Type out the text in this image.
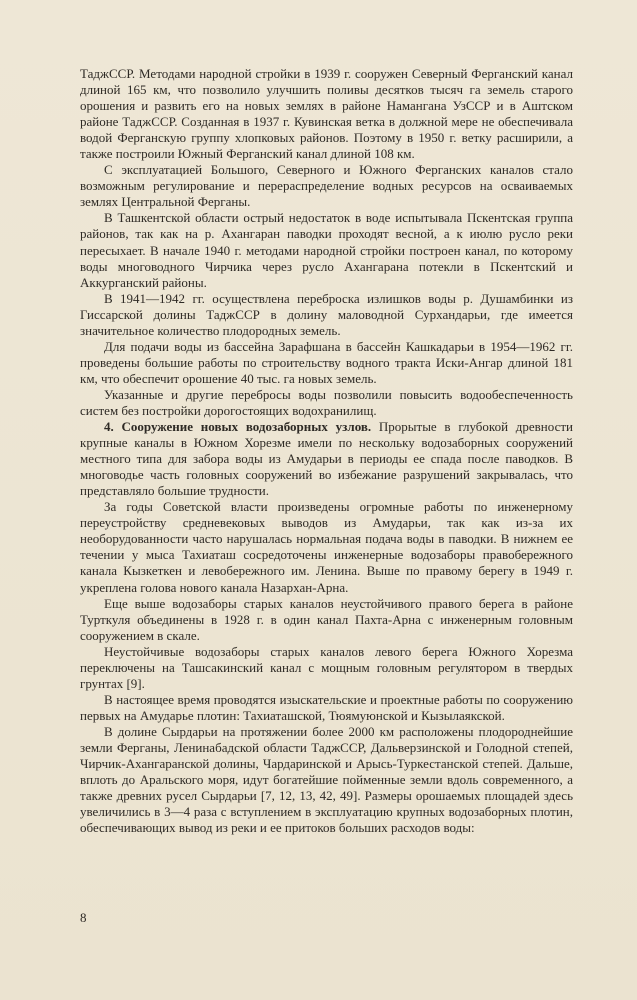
ТаджССР. Методами народной стройки в 1939 г. сооружен Северный Ферганский канал длиной 165 км, что позволило улучшить поливы десятков тысяч га земель старого орошения и развить его на новых землях в районе Намангана УзССР и в Аштском районе ТаджССР. Созданная в 1937 г. Кувинская ветка в должной мере не обеспечивала водой Ферганскую группу хлопковых районов. Поэтому в 1950 г. ветку расширили, а также построили Южный Ферганский канал длиной 108 км.

С эксплуатацией Большого, Северного и Южного Ферганских каналов стало возможным регулирование и перераспределение водных ресурсов на осваиваемых землях Центральной Ферганы.

В Ташкентской области острый недостаток в воде испытывала Пскентская группа районов, так как на р. Ахангаран паводки проходят весной, а к июлю русло реки пересыхает. В начале 1940 г. методами народной стройки построен канал, по которому воды многоводного Чирчика через русло Ахангарана потекли в Пскентский и Аккурганский районы.

В 1941—1942 гг. осуществлена переброска излишков воды р. Душамбинки из Гиссарской долины ТаджССР в долину маловодной Сурхандарьи, где имеется значительное количество плодородных земель.

Для подачи воды из бассейна Зарафшана в бассейн Кашкадарьи в 1954—1962 гг. проведены большие работы по строительству водного тракта Иски-Ангар длиной 181 км, что обеспечит орошение 40 тыс. га новых земель.

Указанные и другие перебросы воды позволили повысить водообеспеченность систем без постройки дорогостоящих водохранилищ.

4. Сооружение новых водозаборных узлов. Прорытые в глубокой древности крупные каналы в Южном Хорезме имели по нескольку водозаборных сооружений местного типа для забора воды из Амударьи в периоды ее спада после паводков. В многоводье часть головных сооружений во избежание разрушений закрывалась, что представляло большие трудности.

За годы Советской власти произведены огромные работы по инженерному переустройству средневековых выводов из Амударьи, так как из-за их необорудованности часто нарушалась нормальная подача воды в паводки. В нижнем ее течении у мыса Тахиаташ сосредоточены инженерные водозаборы правобережного канала Кызкеткен и левобережного им. Ленина. Выше по правому берегу в 1949 г. укреплена голова нового канала Назархан-Арна.

Еще выше водозаборы старых каналов неустойчивого правого берега в районе Турткуля объединены в 1928 г. в один канал Пахта-Арна с инженерным головным сооружением в скале.

Неустойчивые водозаборы старых каналов левого берега Южного Хорезма переключены на Ташсакинский канал с мощным головным регулятором в твердых грунтах [9].

В настоящее время проводятся изыскательские и проектные работы по сооружению первых на Амударье плотин: Тахиаташской, Тюямуюнской и Кызылаякской.

В долине Сырдарьи на протяжении более 2000 км расположены плодороднейшие земли Ферганы, Ленинабадской области ТаджССР, Дальверзинской и Голодной степей, Чирчик-Ахангаранской долины, Чардаринской и Арысь-Туркестанской степей. Дальше, вплоть до Аральского моря, идут богатейшие пойменные земли вдоль современного, а также древних русел Сырдарьи [7, 12, 13, 42, 49]. Размеры орошаемых площадей здесь увеличились в 3—4 раза с вступлением в эксплуатацию крупных водозаборных плотин, обеспечивающих вывод из реки и ее притоков больших расходов воды:

8
